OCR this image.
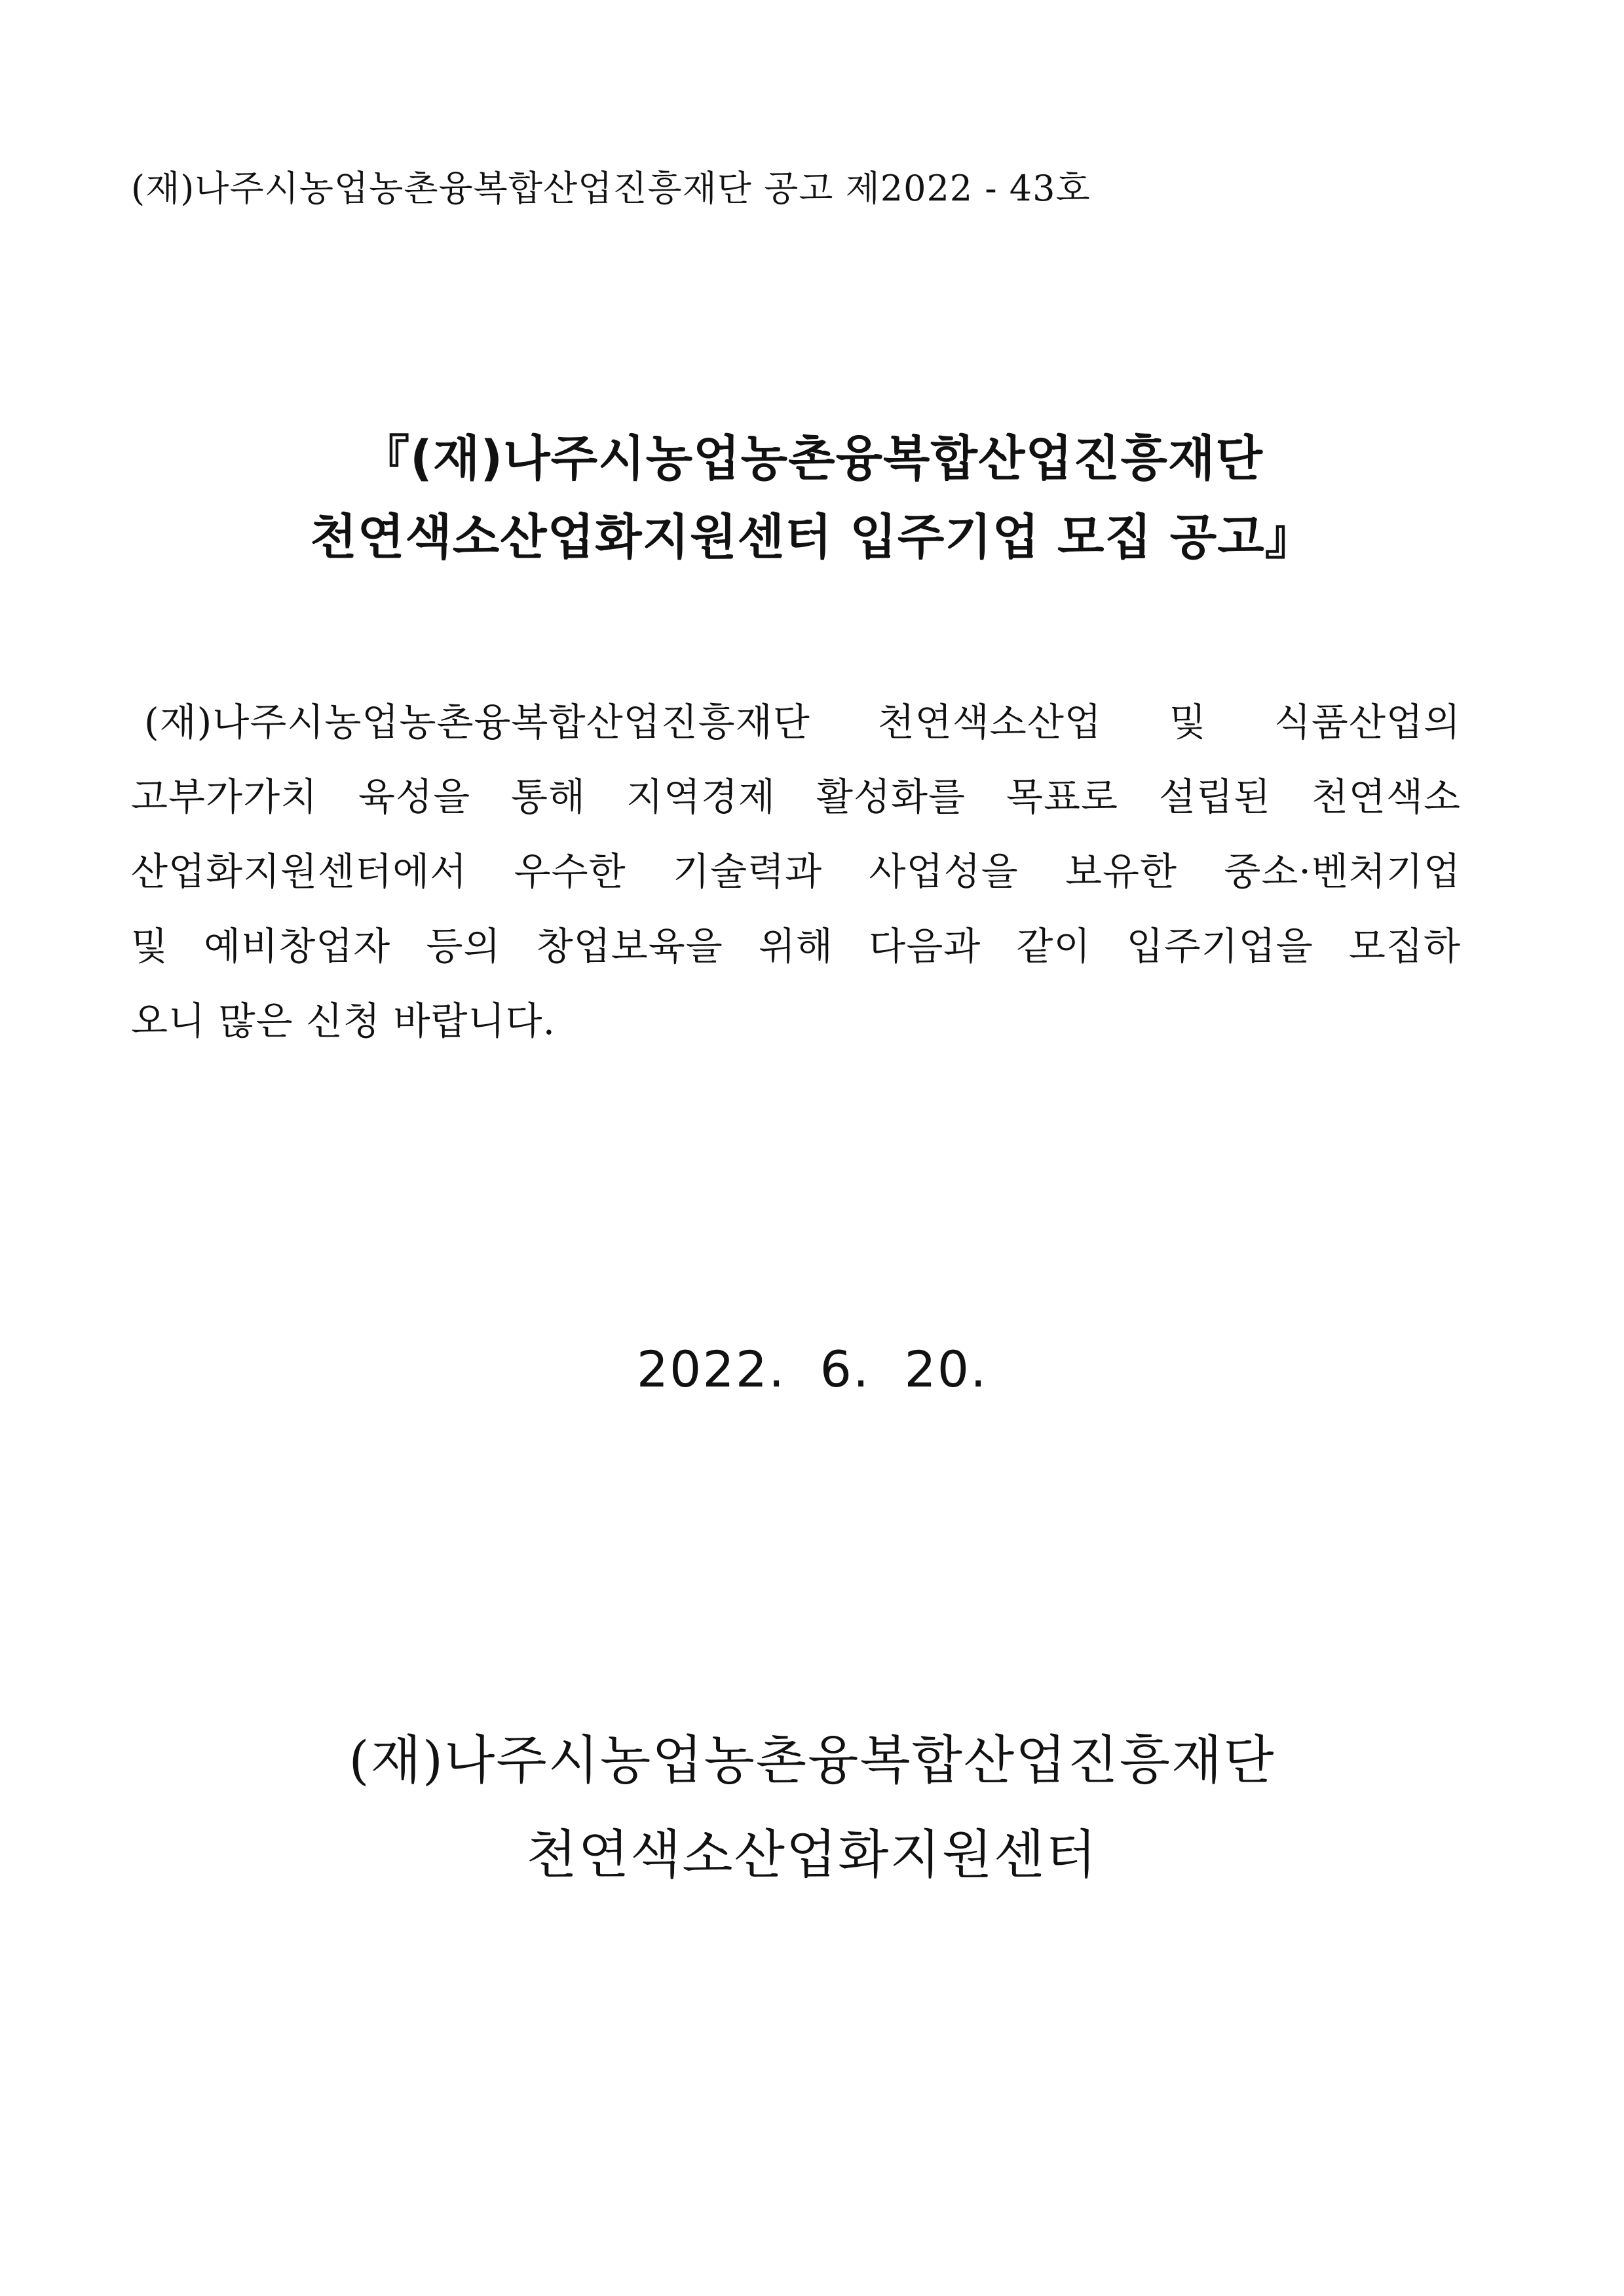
(재)나주시농업농촌융복합산업진흥재단 공고 제2022 - 43호
『(재)나주시농업농촌융복합산업진흥재단
천연색소산업화지원센터 입주기업 모집 공고』
(재)나주시농업농촌융복합산업진흥재단 천연색소산업 및 식품산업의
고부가가치 육성을 통해 지역경제 활성화를 목표로 설립된 천연색소
산업화지원센터에서 우수한 기술력과 사업성을 보유한 중소·벤처기업
및 예비창업자 등의 창업보육을 위해 다음과 같이 입주기업을 모집하
오니 많은 신청 바랍니다.
2022.  6.  20.
(재)나주시농업농촌융복합산업진흥재단
천연색소산업화지원센터
